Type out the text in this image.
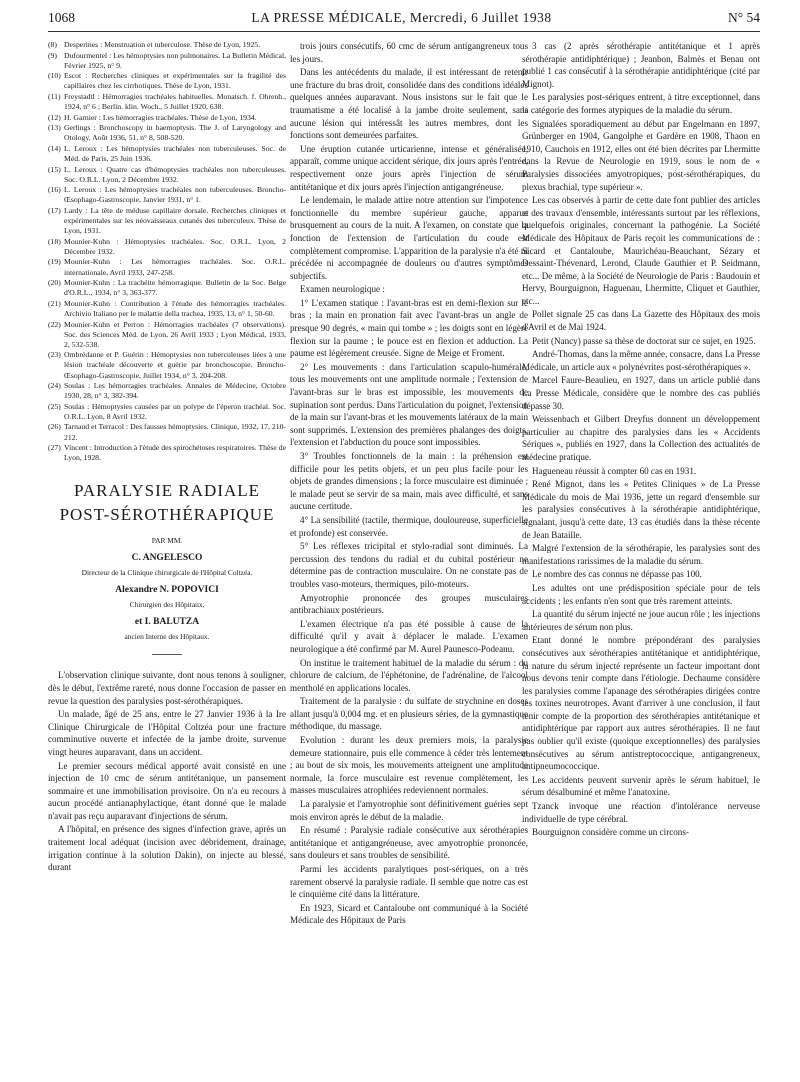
1068	LA PRESSE MÉDICALE, Mercredi, 6 Juillet 1938	N° 54

(8) Desperines : Menstruation et tuberculose. Thèse de Lyon, 1925.

(9) Dufourmentel : Les hémoptysies non pulmonaires. La Bulletin Médical, Février 1925, n° 9.

(10) Escot : Recherches cliniques et expérimentales sur la fragilité des capillaires chez les cirrhotiques. Thèse de Lyon, 1931.

(11) Freystadtl : Hémorragies trachéales habituelles. Monatsch. f. Ohrenh., 1924, n° 6 ; Berlin. klin. Woch., 5 Juillet 1920, 638.

(12) H. Garnier : Les hémorragies trachéales. Thèse de Lyon, 1934.

(13) Gerlings : Bronchoscopy in haemoptysis. The J. of Laryngology and Otology, Août 1936, 51, n° 8, 508-520.

(14) L. Leroux : Les hémoptysies trachéales non tuberculeuses. Soc. de Méd. de Paris, 25 Juin 1936.

(15) L. Leroux : Quatre cas d'hémoptysies trachéales non tuberculeuses. Soc. O.R.L. Lyon, 2 Décembre 1932.

(16) L. Leroux : Les hémoptysies trachéales non tuberculeuses. Broncho-Œsophago-Gastroscopie, Janvier 1931, n° 1.

(17) Lardy : La tête de méduse capillaire dorsale. Recherches cliniques et expérimentales sur les néovaisseaux cutanés des tuberculeux. Thèse de Lyon, 1931.

(18) Mounier-Kuhn : Hémoptysies trachéales. Soc. O.R.L. Lyon, 2 Décembre 1932.

(19) Mounier-Kuhn : Les hémorragies trachéales. Soc. O.R.L. internationale, Avril 1933, 247-258.

(20) Mounier-Kuhn : La trachéite hémorragique. Bulletin de la Soc. Belge d'O.R.L., 1934, n° 3, 363-377.

(21) Mounier-Kuhn : Contribution à l'étude des hémorragies trachéales. Archivio Italiano per le malattie della trachea, 1935, 13, n° 1, 50-60.

(22) Mounier-Kuhn et Perron : Hémorragies trachéales (7 observations). Soc. des Sciences Méd. de Lyon, 26 Avril 1933 ; Lyon Médical, 1933, 2, 532-538.

(23) Ombrédanne et P. Guérin : Hémoptysies non tuberculeuses liées à une lésion trachéale découverte et guérie par bronchoscopie. Broncho-Œsophago-Gastroscopie, Juillet 1934, n° 3, 204-208.

(24) Soulas : Les hémorragies trachéales. Annales de Médecine, Octobre 1930, 28, n° 3, 382-394.

(25) Soulas : Hémoptysies causées par un polype de l'éperon trachéal. Soc. O.R.L. Lyon, 8 Avril 1932.

(26) Tarnaud et Terracol : Des fausses hémoptysies. Clinique, 1932, 17, 210-212.

(27) Vincent : Introduction à l'étude des spirochétoses respiratoires. Thèse de Lyon, 1928.

PARALYSIE RADIALE
POST-SÉROTHÉRAPIQUE
PAR MM.
C. ANGELESCO
Directeur de la Clinique chirurgicale de l'Hôpital Coltzéa.
Alexandre N. POPOVICI
Chirurgien des Hôpitaux,
et I. BALUTZA
ancien Interne des Hôpitaux.

L'observation clinique suivante, dont nous tenons à souligner, dès le début, l'extrême rareté, nous donne l'occasion de passer en revue la question des paralysies post-sérothérapiques.

Un malade, âgé de 25 ans, entre le 27 Janvier 1936 à la Ire Clinique Chirurgicale de l'Hôpital Coltzéa pour une fracture comminutive ouverte et infectée de la jambe droite, survenue vingt heures auparavant, dans un accident.

Le premier secours médical apporté avait consisté en une injection de 10 cmc de sérum antitétanique, un pansement sommaire et une immobilisation provisoire. On n'a eu recours à aucun procédé antianaphylactique, étant donné que le malade n'avait pas reçu auparavant d'injections de sérum.

A l'hôpital, en présence des signes d'infection grave, après un traitement local adéquat (incision avec débridement, drainage, irrigation continue à la solution Dakin), on injecte au blessé, durant

trois jours consécutifs, 60 cmc de sérum antigangreneux tous les jours.

Dans les antécédents du malade, il est intéressant de retenir une fracture du bras droit, consolidée dans des conditions idéales quelques années auparavant. Nous insistons sur le fait que le traumatisme a été localisé à la jambe droite seulement, sans aucune lésion qui intéressât les autres membres, dont les fonctions sont demeurées parfaites.

Une éruption cutanée urticarienne, intense et généralisée, apparaît, comme unique accident sérique, dix jours après l'entrée, respectivement onze jours après l'injection de sérum antitétanique et dix jours après l'injection antigangréneuse.

Le lendemain, le malade attire notre attention sur l'impotence fonctionnelle du membre supérieur gauche, apparue brusquement au cours de la nuit. A l'examen, on constate que la fonction de l'extension de l'articulation du coude est complètement compromise. L'apparition de la paralysie n'a été ni précédée ni accompagnée de douleurs ou d'autres symptômes subjectifs.

Examen neurologique :

1° L'examen statique : l'avant-bras est en demi-flexion sur le bras ; la main en pronation fait avec l'avant-bras un angle de presque 90 degrés, « main qui tombe » ; les doigts sont en légère flexion sur la paume ; le pouce est en flexion et adduction. La paume est légèrement creusée. Signe de Meige et Froment.

2° Les mouvements : dans l'articulation scapulo-humérale, tous les mouvements ont une amplitude normale ; l'extension de l'avant-bras sur le bras est impossible, les mouvements de supination sont perdus. Dans l'articulation du poignet, l'extension de la main sur l'avant-bras et les mouvements latéraux de la main sont supprimés. L'extension des premières phalanges des doigts, l'extension et l'abduction du pouce sont impossibles.

3° Troubles fonctionnels de la main : la préhension est difficile pour les petits objets, et un peu plus facile pour les objets de grandes dimensions ; la force musculaire est diminuée ; le malade peut se servir de sa main, mais avec difficulté, et sans aucune certitude.

4° La sensibilité (tactile, thermique, douloureuse, superficielle et profonde) est conservée.

5° Les réflexes tricipital et stylo-radial sont diminués. La percussion des tendons du radial et du cubital postérieur ne détermine pas de contraction musculaire. On ne constate pas de troubles vaso-moteurs, thermiques, pilo-moteurs.

Amyotrophie prononcée des groupes musculaires antibrachiaux postérieurs.

L'examen électrique n'a pas été possible à cause de la difficulté qu'il y avait à déplacer le malade. L'examen neurologique a été confirmé par M. Aurel Paunesco-Podeanu.

On institue le traitement habituel de la maladie du sérum : du chlorure de calcium, de l'éphétonine, de l'adrénaline, de l'alcool mentholé en applications locales.

Traitement de la paralysie : du sulfate de strychnine en doses allant jusqu'à 0,004 mg. et en plusieurs séries, de la gymnastique méthodique, du massage.

Evolution : durant les deux premiers mois, la paralysie demeure stationnaire, puis elle commence à céder très lentement ; au bout de six mois, les mouvements atteignent une amplitude normale, la force musculaire est revenue complètement, les masses musculaires atrophiées redeviennent normales.

La paralysie et l'amyotrophie sont définitivement guéries sept mois environ après le début de la maladie.

En résumé : Paralysie radiale consécutive aux sérothérapies antitétanique et antigangréneuse, avec amyotrophie prononcée, sans douleurs et sans troubles de sensibilité.

Parmi les accidents paralytiques post-sériques, on a très rarement observé la paralysie radiale. Il semble que notre cas est le cinquième cité dans la littérature.

En 1923, Sicard et Cantaloube ont communiqué à la Société Médicale des Hôpitaux de Paris

3 cas (2 après sérothérapie antitétanique et 1 après sérothérapie antidiphtérique) ; Jeanbon, Balmès et Benau ont publié 1 cas consécutif à la sérothérapie antidiphtérique (cité par Mignot).

Les paralysies post-sériques entrent, à titre exceptionnel, dans la catégorie des formes atypiques de la maladie du sérum.

Signalées sporadiquement au début par Engelmann en 1897, Grünberger en 1904, Gangolphe et Gardère en 1908, Thaon en 1910, Cauchois en 1912, elles ont été bien décrites par Lhermitte dans la Revue de Neurologie en 1919, sous le nom de « Paralysies dissociées amyotropiques, post-sérothérapiques, du plexus brachial, type supérieur ».

Les cas observés à partir de cette date font publier des articles et des travaux d'ensemble, intéressants surtout par les réflexions, quelquefois originales, concernant la pathogénie. La Société Médicale des Hôpitaux de Paris reçoit les communications de : Sicard et Cantaloube, Maurichéau-Beauchant, Sézary et Dessaint-Thévenard, Lerond, Claude Gauthier et P. Seidmann, etc... De même, à la Société de Neurologie de Paris : Baudouin et Hervy, Bourguignon, Haguenau, Lhermitte, Cliquet et Gauthier, etc...

Pollet signale 25 cas dans La Gazette des Hôpitaux des mois d'Avril et de Mai 1924.

Petit (Nancy) passe sa thèse de doctorat sur ce sujet, en 1925.

André-Thomas, dans la même année, consacre, dans La Presse Médicale, un article aux « polynévrites post-sérothérapiques ».

Marcel Faure-Beaulieu, en 1927, dans un article publié dans La Presse Médicale, considère que le nombre des cas publiés dépasse 30.

Weissenbach et Gilbert Dreyfus donnent un développement particulier au chapitre des paralysies dans les « Accidents Sériques », publiés en 1927, dans la Collection des actualités de médecine pratique.

Hagueneau réussit à compter 60 cas en 1931.

René Mignot, dans les « Petites Cliniques » de La Presse Médicale du mois de Mai 1936, jette un regard d'ensemble sur les paralysies consécutives à la sérothérapie antidiphtérique, signalant, jusqu'à cette date, 13 cas étudiés dans la thèse récente de Jean Bataille.

Malgré l'extension de la sérothérapie, les paralysies sont des manifestations rarissimes de la maladie du sérum.

Le nombre des cas connus ne dépasse pas 100.

Les adultes ont une prédisposition spéciale pour de tels accidents ; les enfants n'en sont que très rarement atteints.

La quantité du sérum injecté ne joue aucun rôle ; les injections antérieures de sérum non plus.

Etant donné le nombre prépondérant des paralysies consécutives aux sérothérapies antitétanique et antidiphtérique, la nature du sérum injecté représente un facteur important dont nous devons tenir compte dans l'étiologie. Dechaume considère les paralysies comme l'apanage des sérothérapies dirigées contre les toxines neurotropes. Avant d'arriver à une conclusion, il faut tenir compte de la proportion des sérothérapies antitétanique et antidiphtérique par rapport aux autres sérothérapies. Il ne faut pas oublier qu'il existe (quoique exceptionnelles) des paralysies consécutives au sérum antistreptococcique, antigangreneux, antipneumococcique.

Les accidents peuvent survenir après le sérum habituel, le sérum désalbuminé et même l'anatoxine.

Tzanck invoque une réaction d'intolérance nerveuse individuelle de type cérébral.

Bourguignon considère comme un circons-
